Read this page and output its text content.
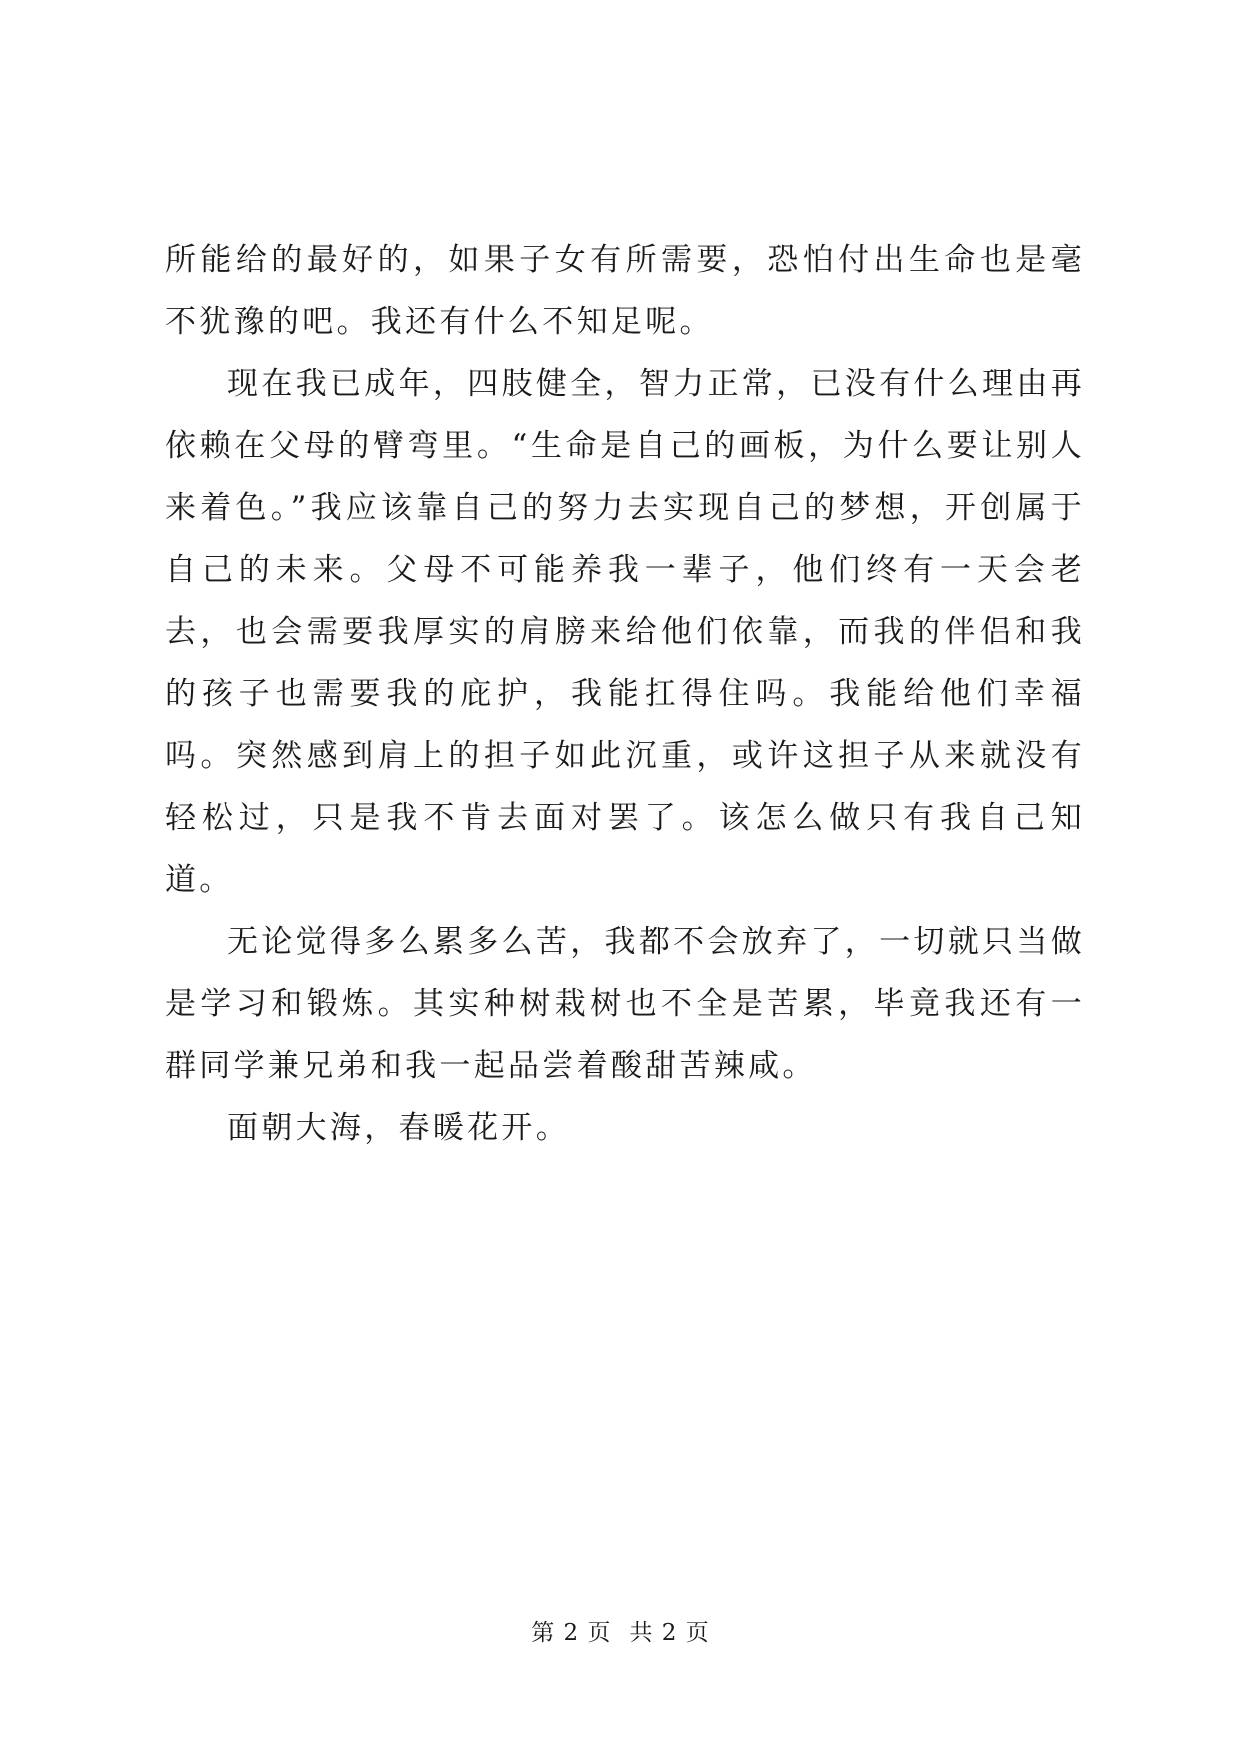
所能给的最好的，如果子女有所需要，恐怕付出生命也是毫不犹豫的吧。我还有什么不知足呢。

现在我已成年，四肢健全，智力正常，已没有什么理由再依赖在父母的臂弯里。“生命是自己的画板，为什么要让别人来着色。”我应该靠自己的努力去实现自己的梦想，开创属于自己的未来。父母不可能养我一辈子，他们终有一天会老去，也会需要我厚实的肩膀来给他们依靠，而我的伴侣和我的孩子也需要我的庇护，我能扛得住吗。我能给他们幸福吗。突然感到肩上的担子如此沉重，或许这担子从来就没有轻松过，只是我不肯去面对罢了。该怎么做只有我自己知道。

无论觉得多么累多么苦，我都不会放弃了，一切就只当做是学习和锻炼。其实种树栽树也不全是苦累，毕竟我还有一群同学兼兄弟和我一起品尝着酸甜苦辣咸。

面朝大海，春暖花开。

第 2 页 共 2 页
